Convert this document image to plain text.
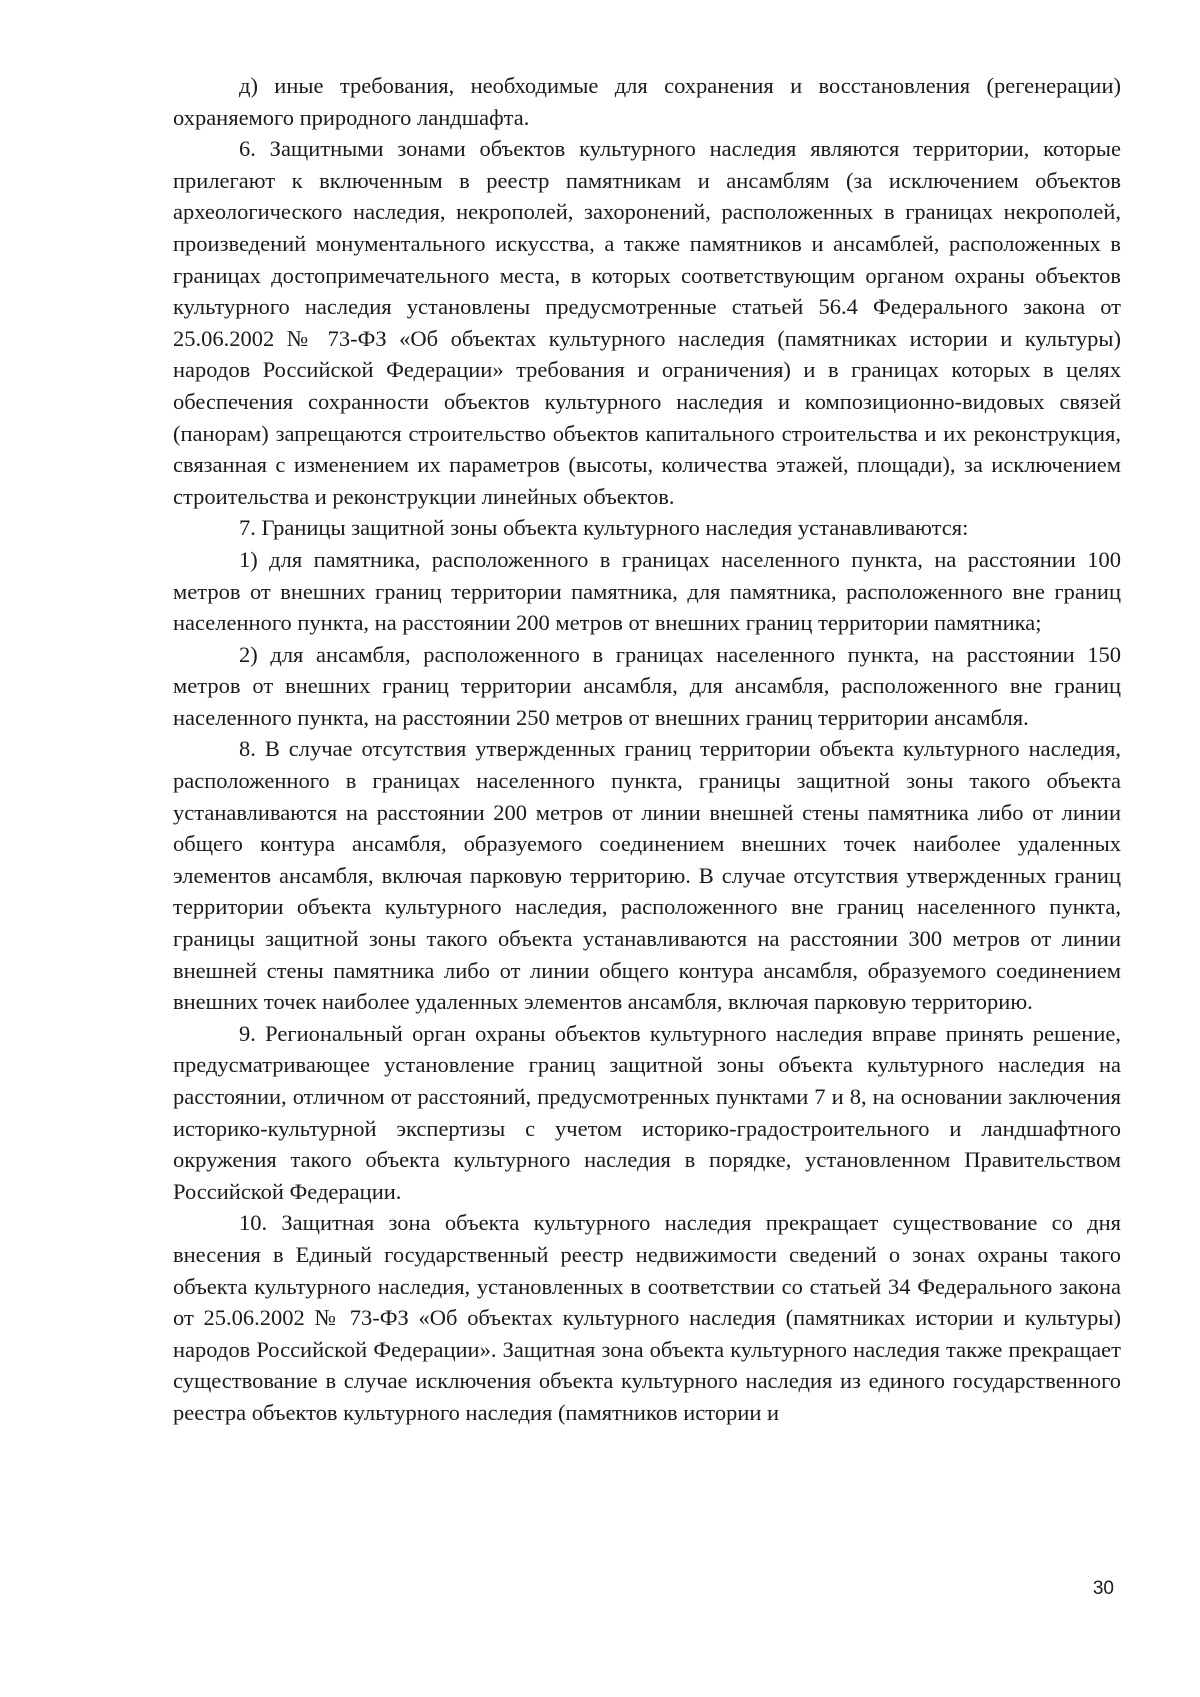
д) иные требования, необходимые для сохранения и восстановления (регенерации) охраняемого природного ландшафта.

6. Защитными зонами объектов культурного наследия являются территории, которые прилегают к включенным в реестр памятникам и ансамблям (за исключением объектов археологического наследия, некрополей, захоронений, расположенных в границах некрополей, произведений монументального искусства, а также памятников и ансамблей, расположенных в границах достопримечательного места, в которых соответствующим органом охраны объектов культурного наследия установлены предусмотренные статьей 56.4 Федерального закона от 25.06.2002 № 73-ФЗ «Об объектах культурного наследия (памятниках истории и культуры) народов Российской Федерации» требования и ограничения) и в границах которых в целях обеспечения сохранности объектов культурного наследия и композиционно-видовых связей (панорам) запрещаются строительство объектов капитального строительства и их реконструкция, связанная с изменением их параметров (высоты, количества этажей, площади), за исключением строительства и реконструкции линейных объектов.

7. Границы защитной зоны объекта культурного наследия устанавливаются:

1) для памятника, расположенного в границах населенного пункта, на расстоянии 100 метров от внешних границ территории памятника, для памятника, расположенного вне границ населенного пункта, на расстоянии 200 метров от внешних границ территории памятника;

2) для ансамбля, расположенного в границах населенного пункта, на расстоянии 150 метров от внешних границ территории ансамбля, для ансамбля, расположенного вне границ населенного пункта, на расстоянии 250 метров от внешних границ территории ансамбля.

8. В случае отсутствия утвержденных границ территории объекта культурного наследия, расположенного в границах населенного пункта, границы защитной зоны такого объекта устанавливаются на расстоянии 200 метров от линии внешней стены памятника либо от линии общего контура ансамбля, образуемого соединением внешних точек наиболее удаленных элементов ансамбля, включая парковую территорию. В случае отсутствия утвержденных границ территории объекта культурного наследия, расположенного вне границ населенного пункта, границы защитной зоны такого объекта устанавливаются на расстоянии 300 метров от линии внешней стены памятника либо от линии общего контура ансамбля, образуемого соединением внешних точек наиболее удаленных элементов ансамбля, включая парковую территорию.

9. Региональный орган охраны объектов культурного наследия вправе принять решение, предусматривающее установление границ защитной зоны объекта культурного наследия на расстоянии, отличном от расстояний, предусмотренных пунктами 7 и 8, на основании заключения историко-культурной экспертизы с учетом историко-градостроительного и ландшафтного окружения такого объекта культурного наследия в порядке, установленном Правительством Российской Федерации.

10. Защитная зона объекта культурного наследия прекращает существование со дня внесения в Единый государственный реестр недвижимости сведений о зонах охраны такого объекта культурного наследия, установленных в соответствии со статьей 34 Федерального закона от 25.06.2002 № 73-ФЗ «Об объектах культурного наследия (памятниках истории и культуры) народов Российской Федерации». Защитная зона объекта культурного наследия также прекращает существование в случае исключения объекта культурного наследия из единого государственного реестра объектов культурного наследия (памятников истории и

30
